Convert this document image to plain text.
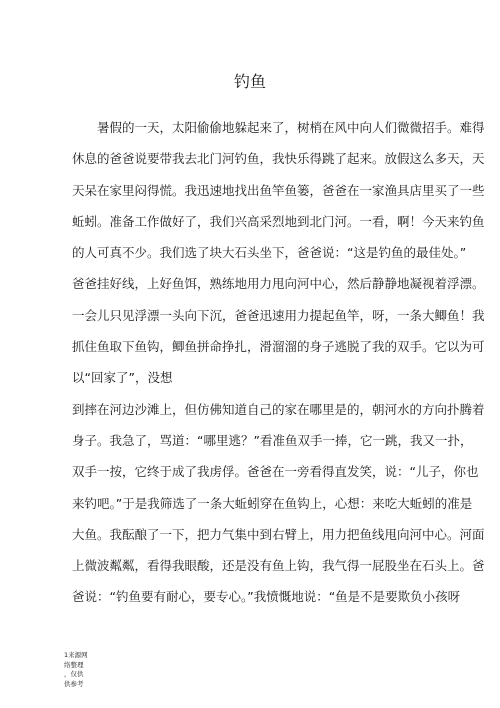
钓鱼
　　暑假的一天，太阳偷偷地躲起来了，树梢在风中向人们微微招手。难得
休息的爸爸说要带我去北门河钓鱼，我快乐得跳了起来。放假这么多天，天
天呆在家里闷得慌。我迅速地找出鱼竿鱼篓，爸爸在一家渔具店里买了一些
蚯蚓。准备工作做好了，我们兴高采烈地到北门河。一看，啊！今天来钓鱼
的人可真不少。我们选了块大石头坐下，爸爸说：“这是钓鱼的最佳处。”
爸爸挂好线，上好鱼饵，熟练地用力甩向河中心，然后静静地凝视着浮漂。
一会儿只见浮漂一头向下沉，爸爸迅速用力提起鱼竿，呀，一条大鲫鱼！我
抓住鱼取下鱼钩，鲫鱼拼命挣扎，滑溜溜的身子逃脱了我的双手。它以为可
以“回家了”，没想
到摔在河边沙滩上，但仿佛知道自己的家在哪里是的，朝河水的方向扑腾着
身子。我急了，骂道：“哪里逃？”看准鱼双手一捧，它一跳，我又一扑，
双手一按，它终于成了我虏俘。爸爸在一旁看得直发笑，说：“儿子，你也
来钓吧。”于是我筛选了一条大蚯蚓穿在鱼钩上，心想：来吃大蚯蚓的准是
大鱼。我酝酿了一下，把力气集中到右臂上，用力把鱼线甩向河中心。河面
上微波粼粼，看得我眼酸，还是没有鱼上钩，我气得一屁股坐在石头上。爸
爸说：“钓鱼要有耐心，要专心。”我愤慨地说：“鱼是不是要欺负小孩呀
1来源网
络整理
，仅供
供参考
